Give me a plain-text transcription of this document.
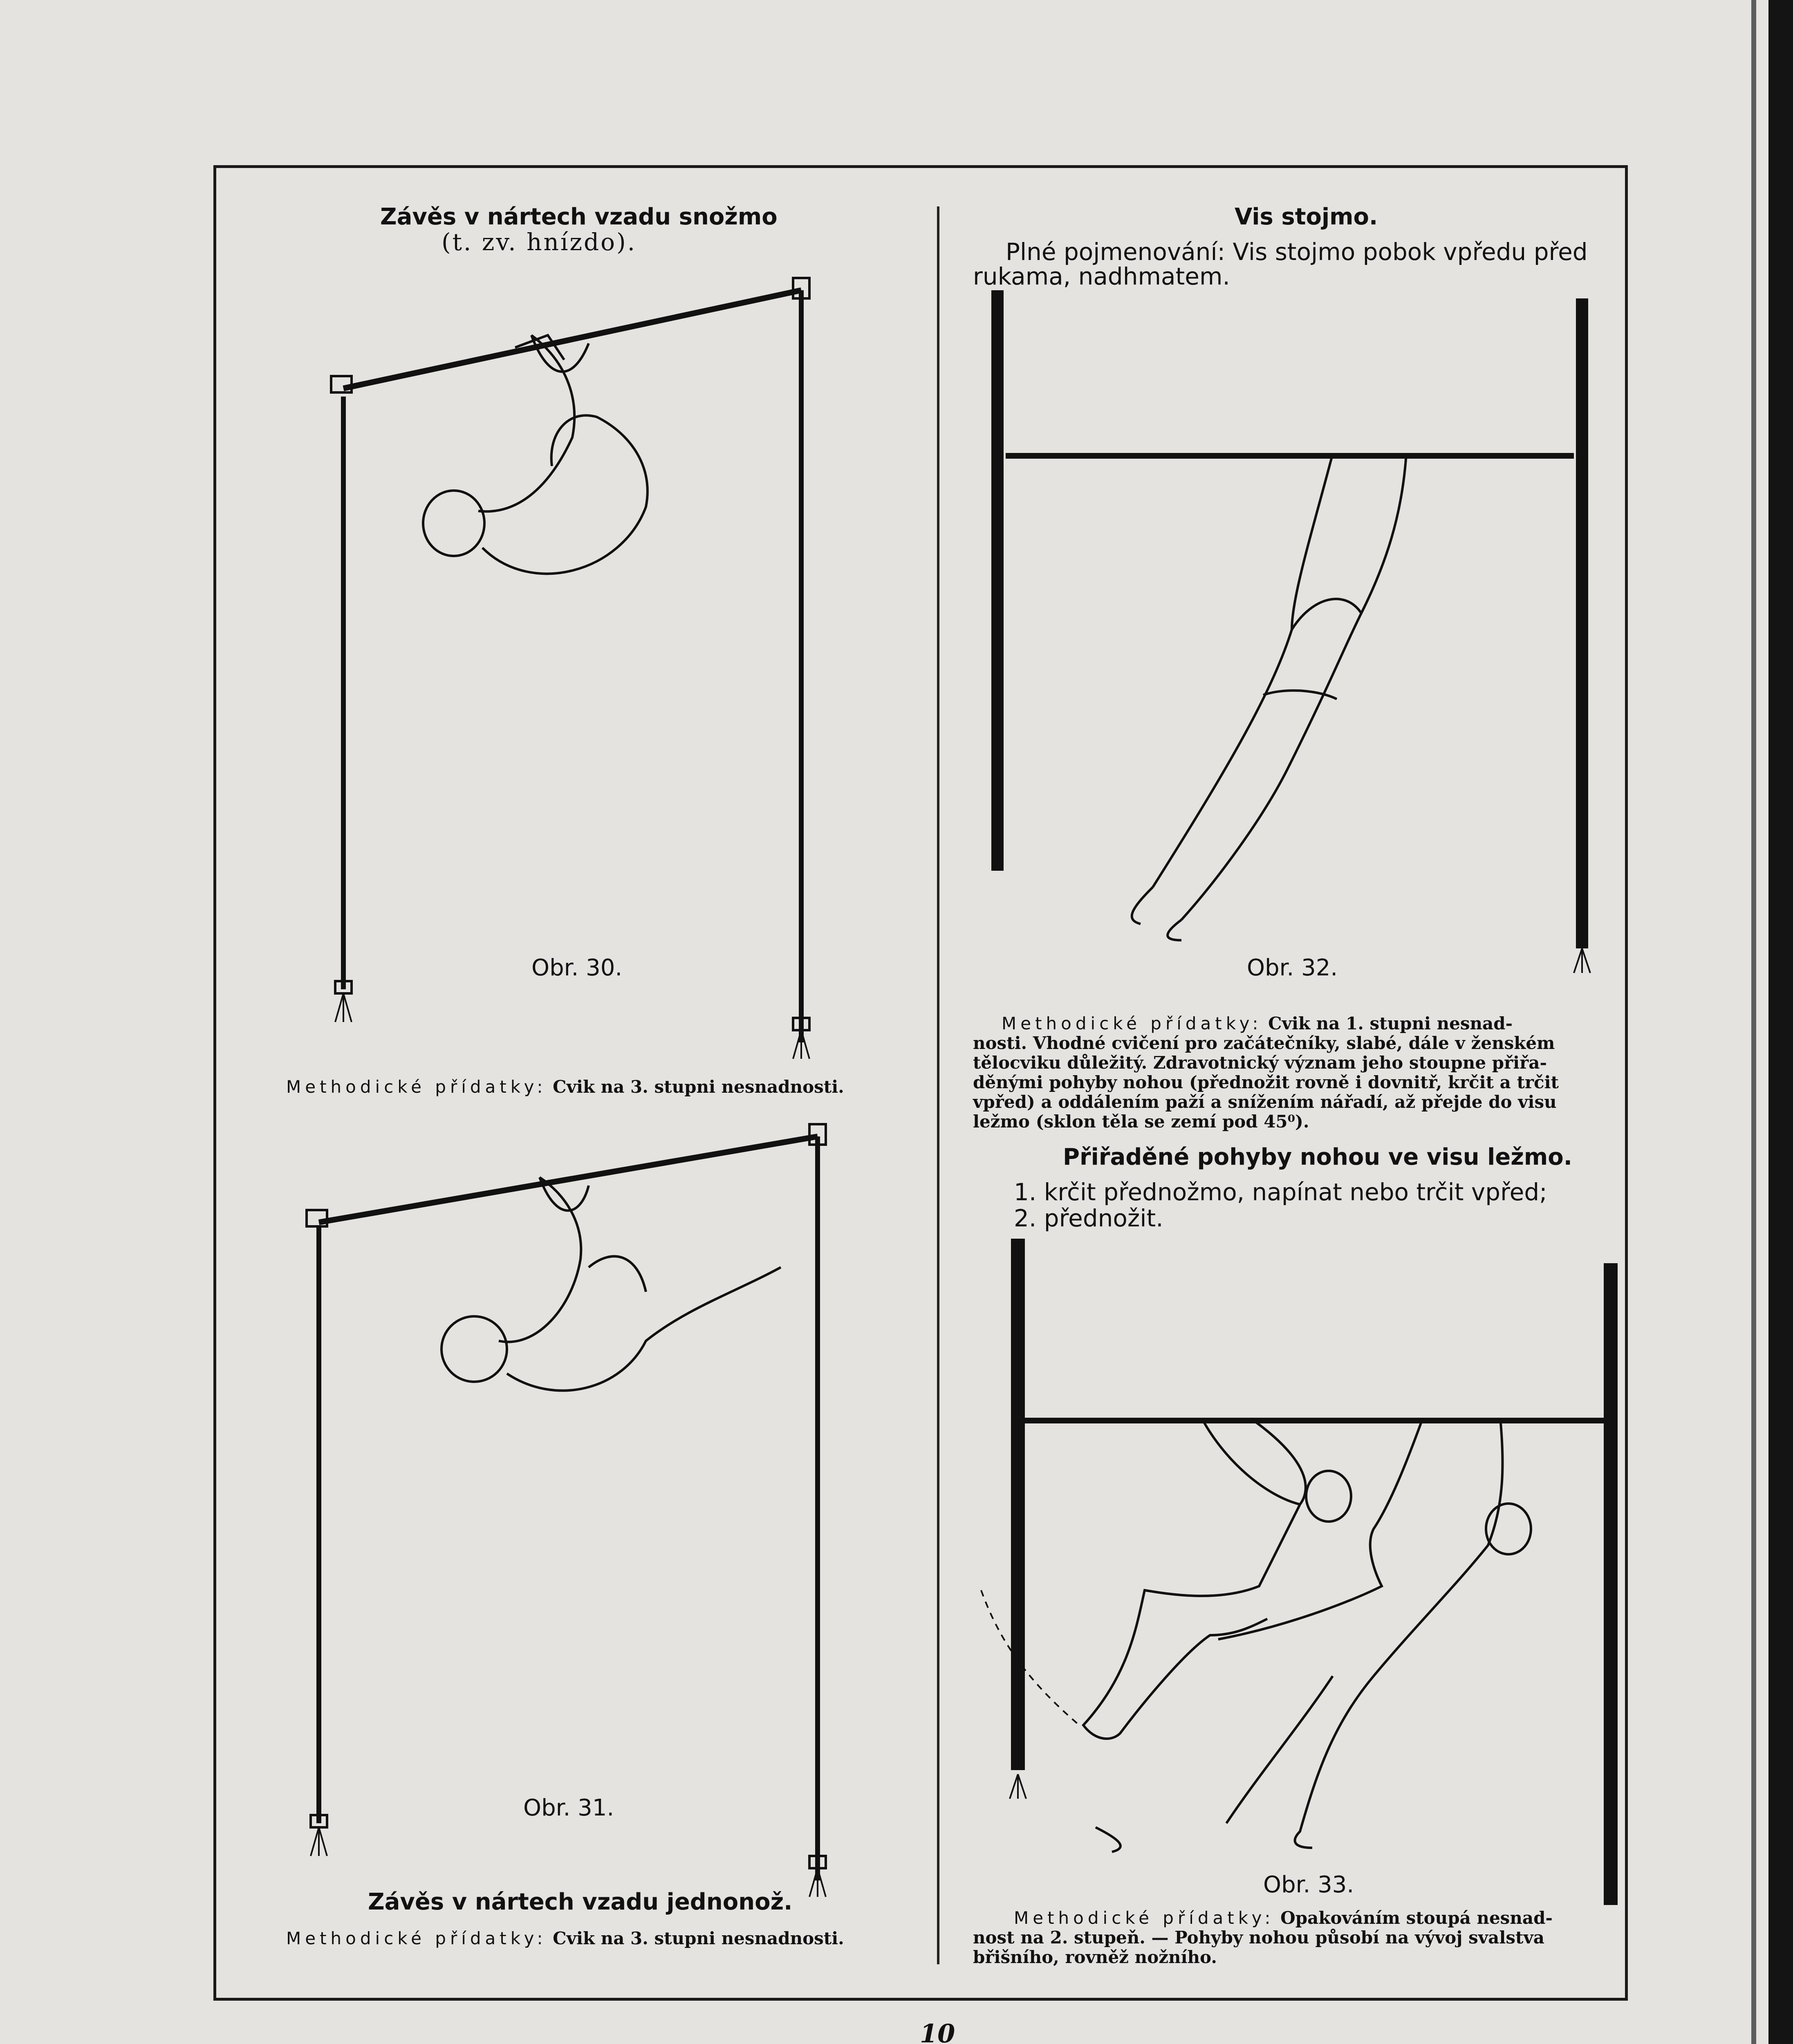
Závěs v nártech vzadu snožmo
(t. zv. hnízdo).
Obr. 30.
Methodické přídatky: Cvik na 3. stupni nesnadnosti.
Obr. 31.
Závěs v nártech vzadu jednonož.
Methodické přídatky: Cvik na 3. stupni nesnadnosti.
Vis stojmo.
Plné pojmenování: Vis stojmo pobok vpředu před
rukama, nadhmatem.
Obr. 32.
Methodické přídatky: Cvik na 1. stupni nesnad-
nosti. Vhodné cvičení pro začátečníky, slabé, dále v ženském
tělocviku důležitý. Zdravotnický význam jeho stoupne přiřa-
děnými pohyby nohou (přednožit rovně i dovnitř, krčit a trčit
vpřed) a oddálením paží a snížením nářadí, až přejde do visu
ležmo (sklon těla se zemí pod 45⁰).
Přiřaděné pohyby nohou ve visu ležmo.
1. krčit přednožmo, napínat nebo trčit vpřed;
2. přednožit.
Obr. 33.
Methodické přídatky: Opakováním stoupá nesnad-
nost na 2. stupeň. — Pohyby nohou působí na vývoj svalstva
břišního, rovněž nožního.
10
